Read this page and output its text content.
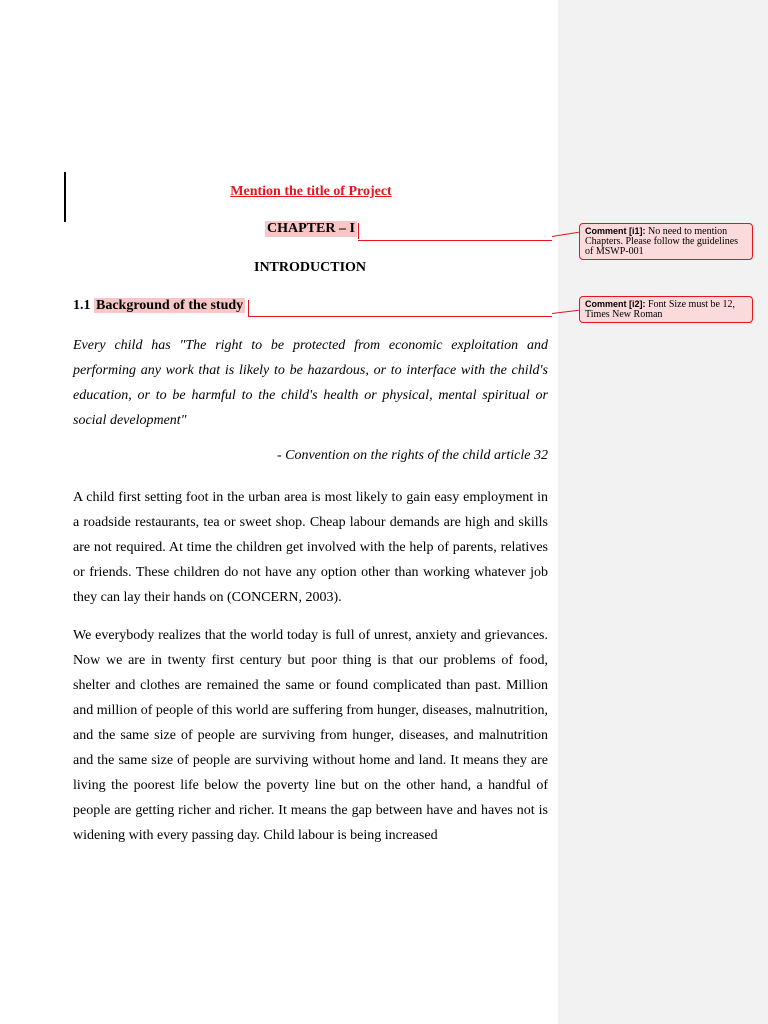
Mention the title of Project
CHAPTER – I
INTRODUCTION
1.1 Background of the study

Every child has "The right to be protected from economic exploitation and performing any work that is likely to be hazardous, or to interface with the child's education, or to be harmful to the child's health or physical, mental spiritual or social development"

- Convention on the rights of the child article 32

A child first setting foot in the urban area is most likely to gain easy employment in a roadside restaurants, tea or sweet shop. Cheap labour demands are high and skills are not required. At time the children get involved with the help of parents, relatives or friends. These children do not have any option other than working whatever job they can lay their hands on (CONCERN, 2003).

We everybody realizes that the world today is full of unrest, anxiety and grievances. Now we are in twenty first century but poor thing is that our problems of food, shelter and clothes are remained the same or found complicated than past. Million and million of people of this world are suffering from hunger, diseases, malnutrition, and the same size of people are surviving from hunger, diseases, and malnutrition and the same size of people are surviving without home and land. It means they are living the poorest life below the poverty line but on the other hand, a handful of people are getting richer and richer. It means the gap between have and haves not is widening with every passing day. Child labour is being increased

Comment [i1]: No need to mention Chapters. Please follow the guidelines of MSWP-001
Comment [i2]: Font Size must be 12, Times New Roman
